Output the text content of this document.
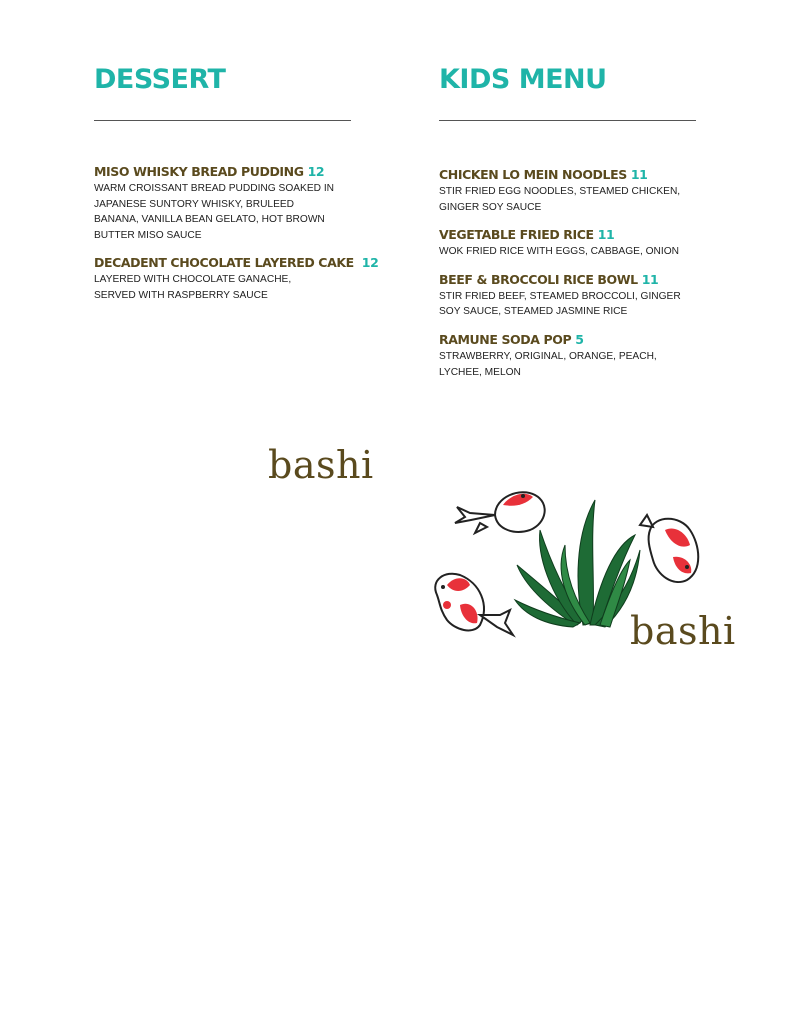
DESSERT
MISO WHISKY BREAD PUDDING 12
WARM CROISSANT BREAD PUDDING SOAKED IN JAPANESE SUNTORY WHISKY, BRULEED BANANA, VANILLA BEAN GELATO, HOT BROWN BUTTER MISO SAUCE
DECADENT CHOCOLATE LAYERED CAKE 12
LAYERED WITH CHOCOLATE GANACHE, SERVED WITH RASPBERRY SAUCE
KIDS MENU
CHICKEN LO MEIN NOODLES 11
STIR FRIED EGG NOODLES, STEAMED CHICKEN, GINGER SOY SAUCE
VEGETABLE FRIED RICE 11
WOK FRIED RICE WITH EGGS, CABBAGE, ONION
BEEF & BROCCOLI RICE BOWL 11
STIR FRIED BEEF, STEAMED BROCCOLI, GINGER SOY SAUCE, STEAMED JASMINE RICE
RAMUNE SODA POP 5
STRAWBERRY, ORIGINAL, ORANGE, PEACH, LYCHEE, MELON
bashi
bashi
